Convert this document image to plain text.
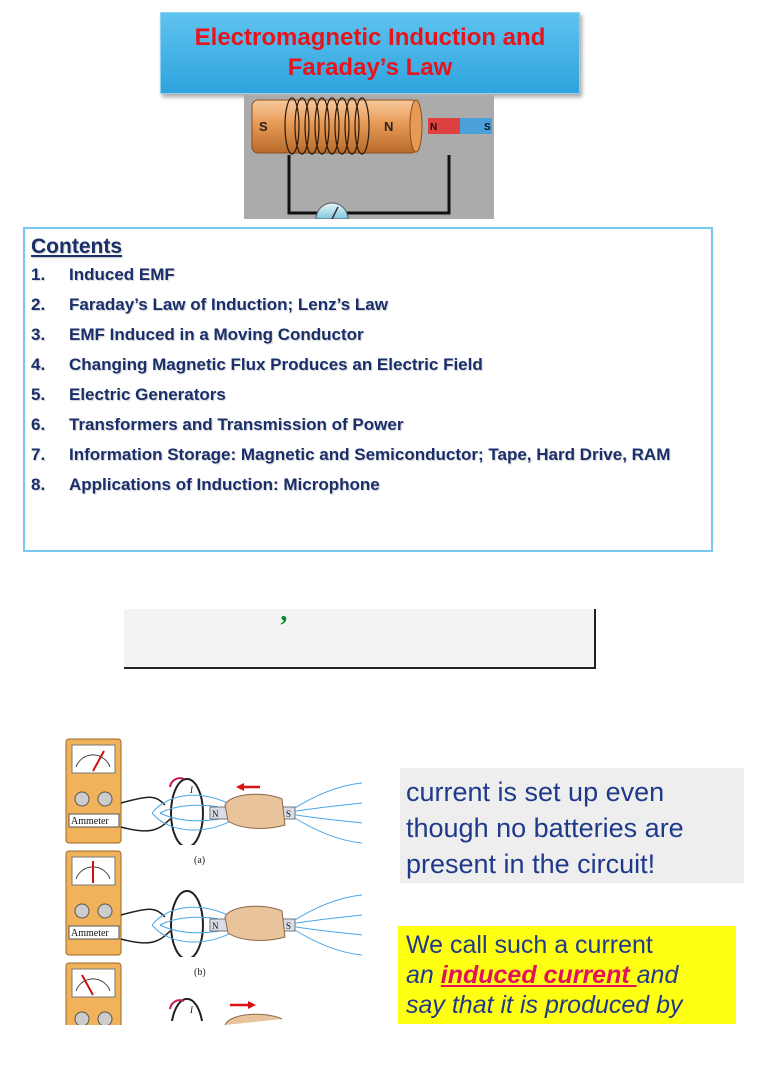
Electromagnetic Induction and
Faraday’s Law
S	N	N	S
Contents
1.	Induced EMF
2.	Faraday’s Law of Induction; Lenz’s Law
3.	EMF Induced in a Moving Conductor
4.	Changing Magnetic Flux Produces an Electric Field
5.	Electric Generators
6.	Transformers and Transmission of Power
7.	Information Storage: Magnetic and Semiconductor; Tape, Hard Drive, RAM
8.	Applications of Induction: Microphone
’
Ammeter
N	S
I
(a)
Ammeter
N	S
(b)
I
current is set up even though no batteries are present in the circuit!
We call such a current
an induced current and
say that it is produced by
